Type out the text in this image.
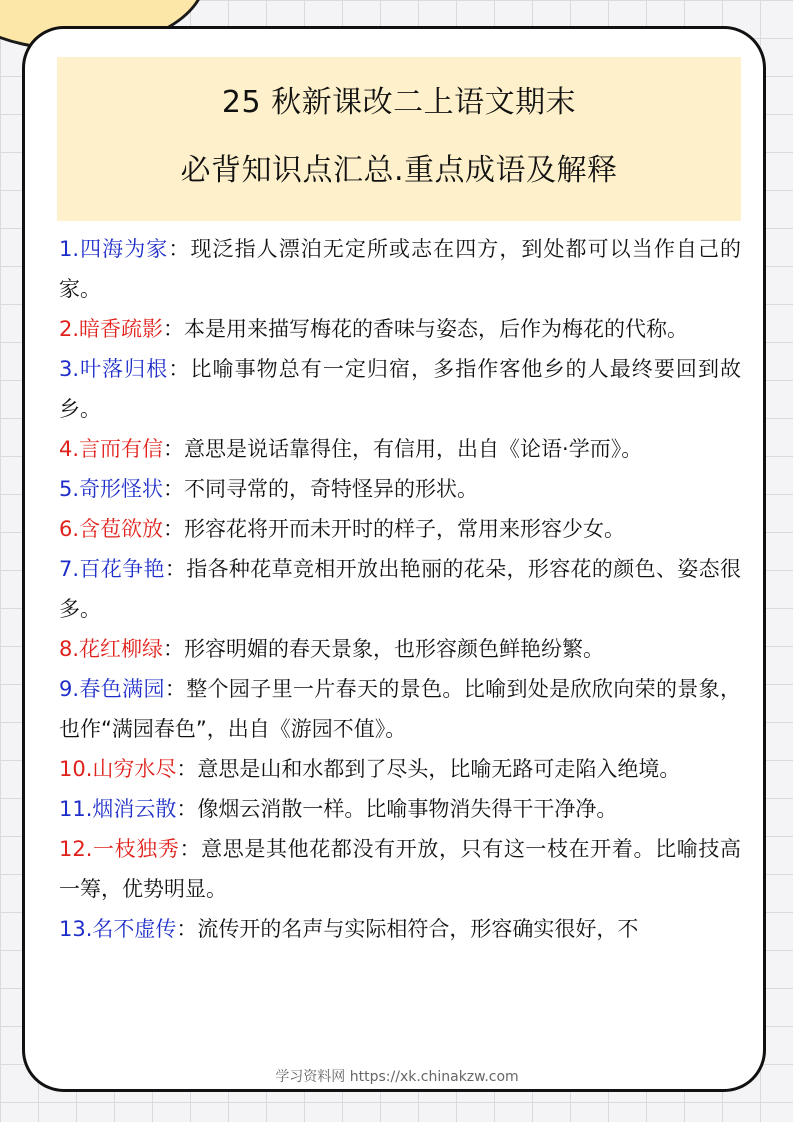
25 秋新课改二上语文期末
必背知识点汇总.重点成语及解释

1.四海为家：现泛指人漂泊无定所或志在四方，到处都可以当作自己的家。

2.暗香疏影：本是用来描写梅花的香味与姿态，后作为梅花的代称。

3.叶落归根：比喻事物总有一定归宿，多指作客他乡的人最终要回到故乡。

4.言而有信：意思是说话靠得住，有信用，出自《论语·学而》。

5.奇形怪状：不同寻常的，奇特怪异的形状。

6.含苞欲放：形容花将开而未开时的样子，常用来形容少女。

7.百花争艳：指各种花草竞相开放出艳丽的花朵，形容花的颜色、姿态很多。

8.花红柳绿：形容明媚的春天景象，也形容颜色鲜艳纷繁。

9.春色满园：整个园子里一片春天的景色。比喻到处是欣欣向荣的景象，也作“满园春色”，出自《游园不值》。

10.山穷水尽：意思是山和水都到了尽头，比喻无路可走陷入绝境。

11.烟消云散：像烟云消散一样。比喻事物消失得干干净净。

12.一枝独秀：意思是其他花都没有开放，只有这一枝在开着。比喻技高一筹，优势明显。

13.名不虚传：流传开的名声与实际相符合，形容确实很好，不

学习资料网 https://xk.chinakzw.com
